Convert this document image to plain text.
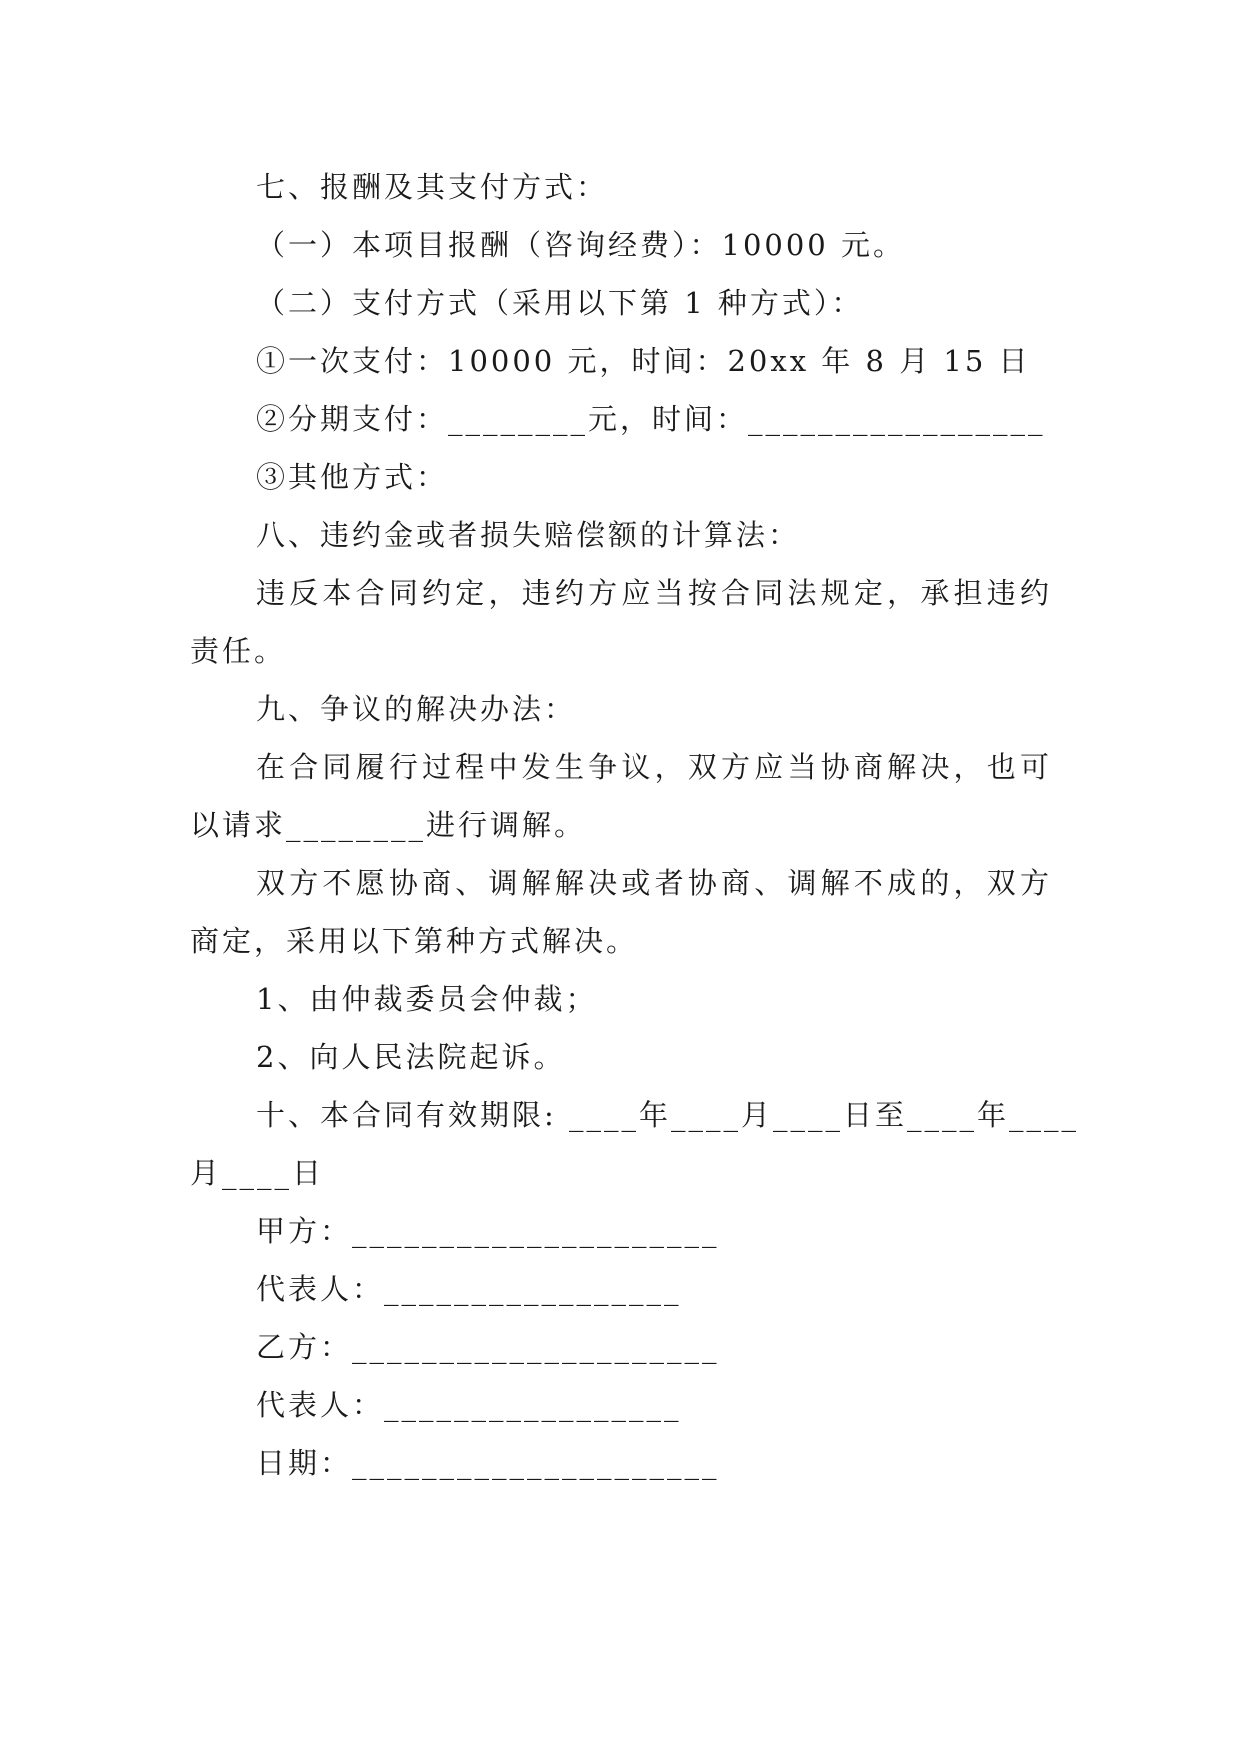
七、报酬及其支付方式：

（一）本项目报酬（咨询经费）：10000 元。

（二）支付方式（采用以下第 1 种方式）：

①一次支付：10000 元，时间：20xx 年 8 月 15 日

②分期支付：________元，时间：_________________

③其他方式：

八、违约金或者损失赔偿额的计算法：

违反本合同约定，违约方应当按合同法规定，承担违约

责任。

九、争议的解决办法：

在合同履行过程中发生争议，双方应当协商解决，也可

以请求________进行调解。

双方不愿协商、调解解决或者协商、调解不成的，双方

商定，采用以下第种方式解决。

1、由仲裁委员会仲裁；

2、向人民法院起诉。

十、本合同有效期限: ____年____月____日至____年____

月____日

甲方：_____________________

代表人：_________________

乙方：_____________________

代表人：_________________

日期：_____________________
